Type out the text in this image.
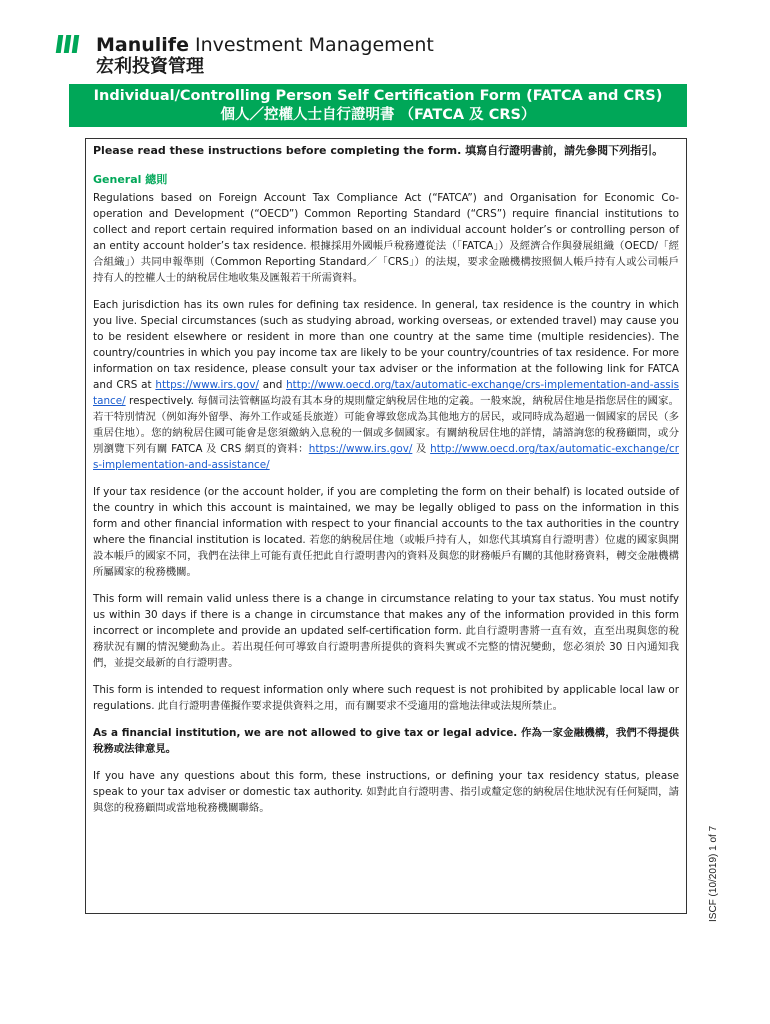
Manulife Investment Management
宏利投資管理
Individual/Controlling Person Self Certification Form (FATCA and CRS)
個人／控權人士自行證明書 （FATCA 及 CRS）

Please read these instructions before completing the form. 填寫自行證明書前，請先參閱下列指引。

General 總則

Regulations based on Foreign Account Tax Compliance Act (“FATCA”) and Organisation for Economic Co-operation and Development (“OECD”) Common Reporting Standard (“CRS”) require financial institutions to collect and report certain required information based on an individual account holder’s or controlling person of an entity account holder’s tax residence. 根據採用外國帳戶稅務遵從法（「FATCA」）及經濟合作與發展組織（OECD/「經合組織」）共同申報準則（Common Reporting Standard／「CRS」）的法規，要求金融機構按照個人帳戶持有人或公司帳戶持有人的控權人士的納稅居住地收集及匯報若干所需資料。

Each jurisdiction has its own rules for defining tax residence. In general, tax residence is the country in which you live. Special circumstances (such as studying abroad, working overseas, or extended travel) may cause you to be resident elsewhere or resident in more than one country at the same time (multiple residencies). The country/countries in which you pay income tax are likely to be your country/countries of tax residence. For more information on tax residence, please consult your tax adviser or the information at the following link for FATCA and CRS at https://www.irs.gov/ and http://www.oecd.org/tax/automatic-exchange/crs-implementation-and-assistance/ respectively. 每個司法管轄區均設有其本身的規則釐定納稅居住地的定義。一般來說，納稅居住地是指您居住的國家。若干特別情況（例如海外留學、海外工作或延長旅遊）可能會導致您成為其他地方的居民，或同時成為超過一個國家的居民（多重居住地）。您的納稅居住國可能會是您須繳納入息稅的一個或多個國家。有關納稅居住地的詳情，請諮詢您的稅務顧問，或分別瀏覽下列有關 FATCA 及 CRS 網頁的資料：https://www.irs.gov/ 及 http://www.oecd.org/tax/automatic-exchange/crs-implementation-and-assistance/

If your tax residence (or the account holder, if you are completing the form on their behalf) is located outside of the country in which this account is maintained, we may be legally obliged to pass on the information in this form and other financial information with respect to your financial accounts to the tax authorities in the country where the financial institution is located. 若您的納稅居住地（或帳戶持有人，如您代其填寫自行證明書）位處的國家與開設本帳戶的國家不同，我們在法律上可能有責任把此自行證明書內的資料及與您的財務帳戶有關的其他財務資料，轉交金融機構所屬國家的稅務機關。

This form will remain valid unless there is a change in circumstance relating to your tax status. You must notify us within 30 days if there is a change in circumstance that makes any of the information provided in this form incorrect or incomplete and provide an updated self-certification form. 此自行證明書將一直有效，直至出現與您的稅務狀況有關的情況變動為止。若出現任何可導致自行證明書所提供的資料失實或不完整的情況變動，您必須於 30 日內通知我們，並提交最新的自行證明書。

This form is intended to request information only where such request is not prohibited by applicable local law or regulations. 此自行證明書僅擬作要求提供資料之用，而有關要求不受適用的當地法律或法規所禁止。

As a financial institution, we are not allowed to give tax or legal advice. 作為一家金融機構，我們不得提供稅務或法律意見。

If you have any questions about this form, these instructions, or defining your tax residency status, please speak to your tax adviser or domestic tax authority. 如對此自行證明書、指引或釐定您的納稅居住地狀況有任何疑問，請與您的稅務顧問或當地稅務機關聯絡。

ISCF (10/2019) 1 of 7
